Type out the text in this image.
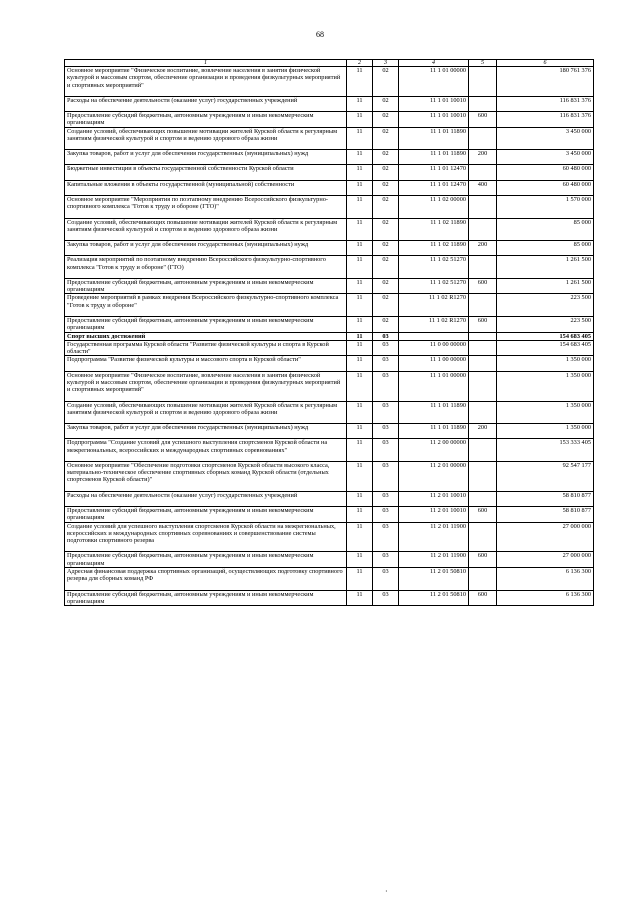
68
1	2	3	4	5	6
Основное мероприятие "Физическое воспитание, вовлечение населения в занятия физической культурой и массовым спортом, обеспечение организации и проведения физкультурных мероприятий и спортивных мероприятий"	11	02	11 1 01 00000		180 761 376
Расходы на обеспечение деятельности (оказание услуг) государственных учреждений	11	02	11 1 01 10010		116 831 376
Предоставление субсидий бюджетным, автономным учреждениям и иным некоммерческим организациям	11	02	11 1 01 10010	600	116 831 376
Создание условий, обеспечивающих повышение мотивации жителей Курской области к регулярным занятиям физической культурой и спортом и ведению здорового образа жизни	11	02	11 1 01 11890		3 450 000
Закупка товаров, работ и услуг для обеспечения государственных (муниципальных) нужд	11	02	11 1 01 11890	200	3 450 000
Бюджетные инвестиции в объекты государственной собственности Курской области	11	02	11 1 01 12470		60 480 000
Капитальные вложения в объекты государственной (муниципальной) собственности	11	02	11 1 01 12470	400	60 480 000
Основное мероприятие "Мероприятия по поэтапному внедрению Всероссийского физкультурно-спортивного комплекса "Готов к труду и обороне (ГТО)"	11	02	11 1 02 00000		1 570 000
Создание условий, обеспечивающих повышение мотивации жителей Курской области к регулярным занятиям физической культурой и спортом и ведению здорового образа жизни	11	02	11 1 02 11890		85 000
Закупка товаров, работ и услуг для обеспечения государственных (муниципальных) нужд	11	02	11 1 02 11890	200	85 000
Реализация мероприятий по поэтапному внедрению Всероссийского физкультурно-спортивного комплекса "Готов к труду и обороне" (ГТО)	11	02	11 1 02 51270		1 261 500
Предоставление субсидий бюджетным, автономным учреждениям и иным некоммерческим организациям	11	02	11 1 02 51270	600	1 261 500
Проведение мероприятий в рамках внедрения Всероссийского физкультурно-спортивного комплекса "Готов к труду и обороне"	11	02	11 1 02 R1270		223 500
Предоставление субсидий бюджетным, автономным учреждениям и иным некоммерческим организациям	11	02	11 1 02 R1270	600	223 500
Спорт высших достижений	11	03			154 683 405
Государственная программа Курской области "Развитие физической культуры и спорта в Курской области"	11	03	11 0 00 00000		154 683 405
Подпрограмма "Развитие физической культуры и массового спорта в Курской области"	11	03	11 1 00 00000		1 350 000
Основное мероприятие "Физическое воспитание, вовлечение населения в занятия физической культурой и массовым спортом, обеспечение организации и проведения физкультурных мероприятий и спортивных мероприятий"	11	03	11 1 01 00000		1 350 000
Создание условий, обеспечивающих повышение мотивации жителей Курской области к регулярным занятиям физической культурой и спортом и ведению здорового образа жизни	11	03	11 1 01 11890		1 350 000
Закупка товаров, работ и услуг для обеспечения государственных (муниципальных) нужд	11	03	11 1 01 11890	200	1 350 000
Подпрограмма "Создание условий для успешного выступления спортсменов Курской области на межрегиональных, всероссийских и международных спортивных соревнованиях"	11	03	11 2 00 00000		153 333 405
Основное мероприятие "Обеспечение подготовки спортсменов Курской области высокого класса, материально-техническое обеспечение спортивных сборных команд Курской области (отдельных спортсменов Курской области)"	11	03	11 2 01 00000		92 547 177
Расходы на обеспечение деятельности (оказание услуг) государственных учреждений	11	03	11 2 01 10010		58 810 877
Предоставление субсидий бюджетным, автономным учреждениям и иным некоммерческим организациям	11	03	11 2 01 10010	600	58 810 877
Создание условий для успешного выступления спортсменов Курской области на межрегиональных, всероссийских и международных спортивных соревнованиях и совершенствование системы подготовки спортивного резерва	11	03	11 2 01 11900		27 000 000
Предоставление субсидий бюджетным, автономным учреждениям и иным некоммерческим организациям	11	03	11 2 01 11900	600	27 000 000
Адресная финансовая поддержка спортивных организаций, осуществляющих подготовку спортивного резерва для сборных команд РФ	11	03	11 2 01 50810		6 136 300
Предоставление субсидий бюджетным, автономным учреждениям и иным некоммерческим организациям	11	03	11 2 01 50810	600	6 136 300
·
